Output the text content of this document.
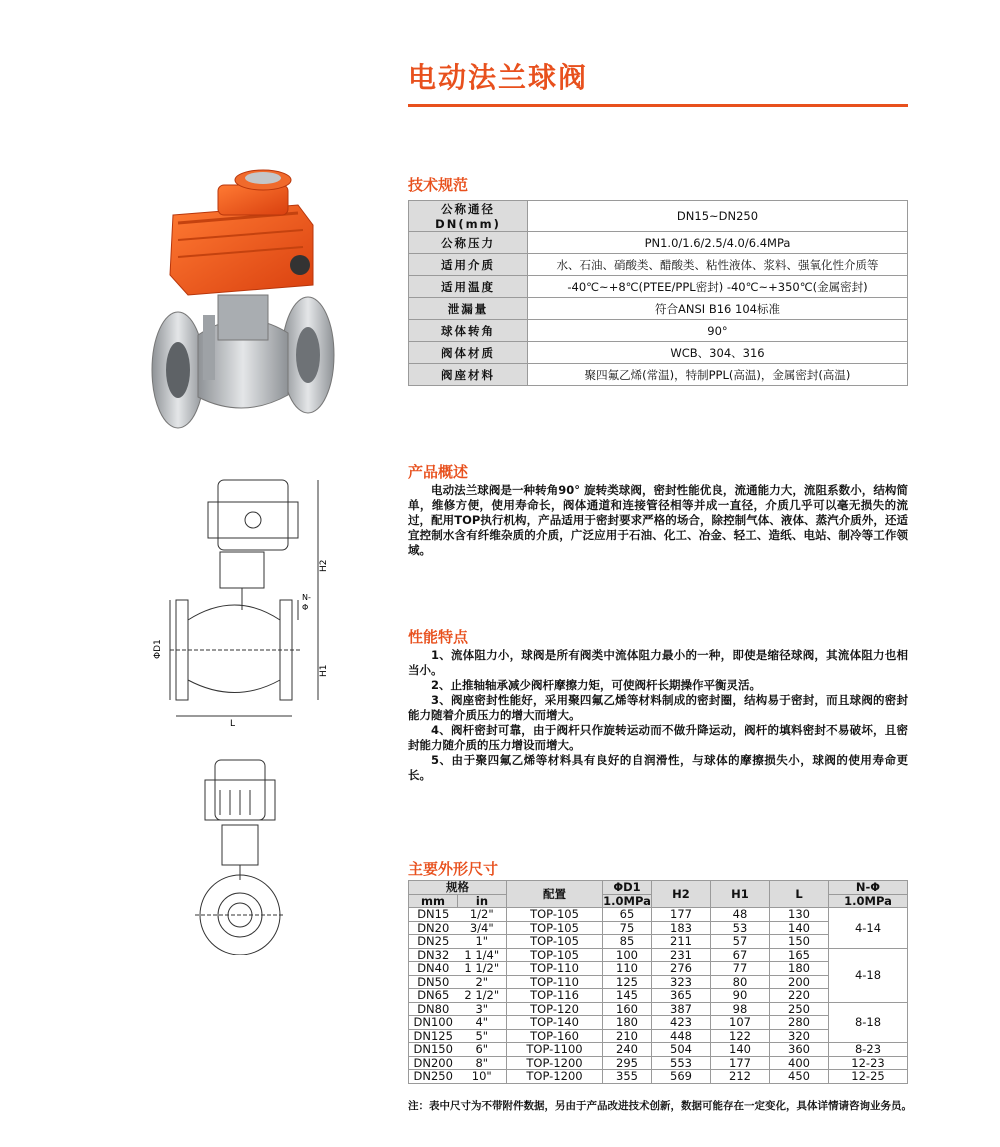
电动法兰球阀
技术规范
公称通径DN(mm)	DN15~DN250
公称压力	PN1.0/1.6/2.5/4.0/6.4MPa
适用介质	水、石油、硝酸类、醋酸类、粘性液体、浆料、强氧化性介质等
适用温度	-40℃~+8℃(PTEE/PPL密封) -40℃~+350℃(金属密封)
泄漏量	符合ANSI B16 104标准
球体转角	90°
阀体材质	WCB、304、316
阀座材料	聚四氟乙烯(常温)，特制PPL(高温)，金属密封(高温)
产品概述
电动法兰球阀是一种转角90° 旋转类球阀，密封性能优良，流通能力大，流阻系数小，结构简单，维修方便，使用寿命长，阀体通道和连接管径相等并成一直径，介质几乎可以毫无损失的流过，配用TOP执行机构，产品适用于密封要求严格的场合，除控制气体、液体、蒸汽介质外，还适宜控制水含有纤维杂质的介质，广泛应用于石油、化工、冶金、轻工、造纸、电站、制冷等工作领域。
ΦD1
L
H2
H1
Φ
N-
性能特点

1、流体阻力小，球阀是所有阀类中流体阻力最小的一种，即使是缩径球阀，其流体阻力也相当小。

2、止推轴轴承减少阀杆摩擦力矩，可使阀杆长期操作平衡灵活。

3、阀座密封性能好，采用聚四氟乙烯等材料制成的密封圈，结构易于密封，而且球阀的密封能力随着介质压力的增大而增大。

4、阀杆密封可靠，由于阀杆只作旋转运动而不做升降运动，阀杆的填料密封不易破坏，且密封能力随介质的压力增设而增大。

5、由于聚四氟乙烯等材料具有良好的自润滑性，与球体的摩擦损失小，球阀的使用寿命更长。

主要外形尺寸
规格		配置	ΦD1	H2	H1	L	N-Φ
mm	in		1.0MPa				1.0MPa
DN15	1/2"	TOP-105	65	177	48	130	4-14
DN20	3/4"	TOP-105	75	183	53	140	
DN25	1"	TOP-105	85	211	57	150	
DN32	1 1/4"	TOP-105	100	231	67	165	4-18
DN40	1 1/2"	TOP-110	110	276	77	180	
DN50	2"	TOP-110	125	323	80	200	
DN65	2 1/2"	TOP-116	145	365	90	220	
DN80	3"	TOP-120	160	387	98	250	8-18
DN100	4"	TOP-140	180	423	107	280	
DN125	5"	TOP-160	210	448	122	320	
DN150	6"	TOP-1100	240	504	140	360	8-23
DN200	8"	TOP-1200	295	553	177	400	12-23
DN250	10"	TOP-1200	355	569	212	450	12-25
注：表中尺寸为不带附件数据，另由于产品改进技术创新，数据可能存在一定变化，具体详情请咨询业务员。
